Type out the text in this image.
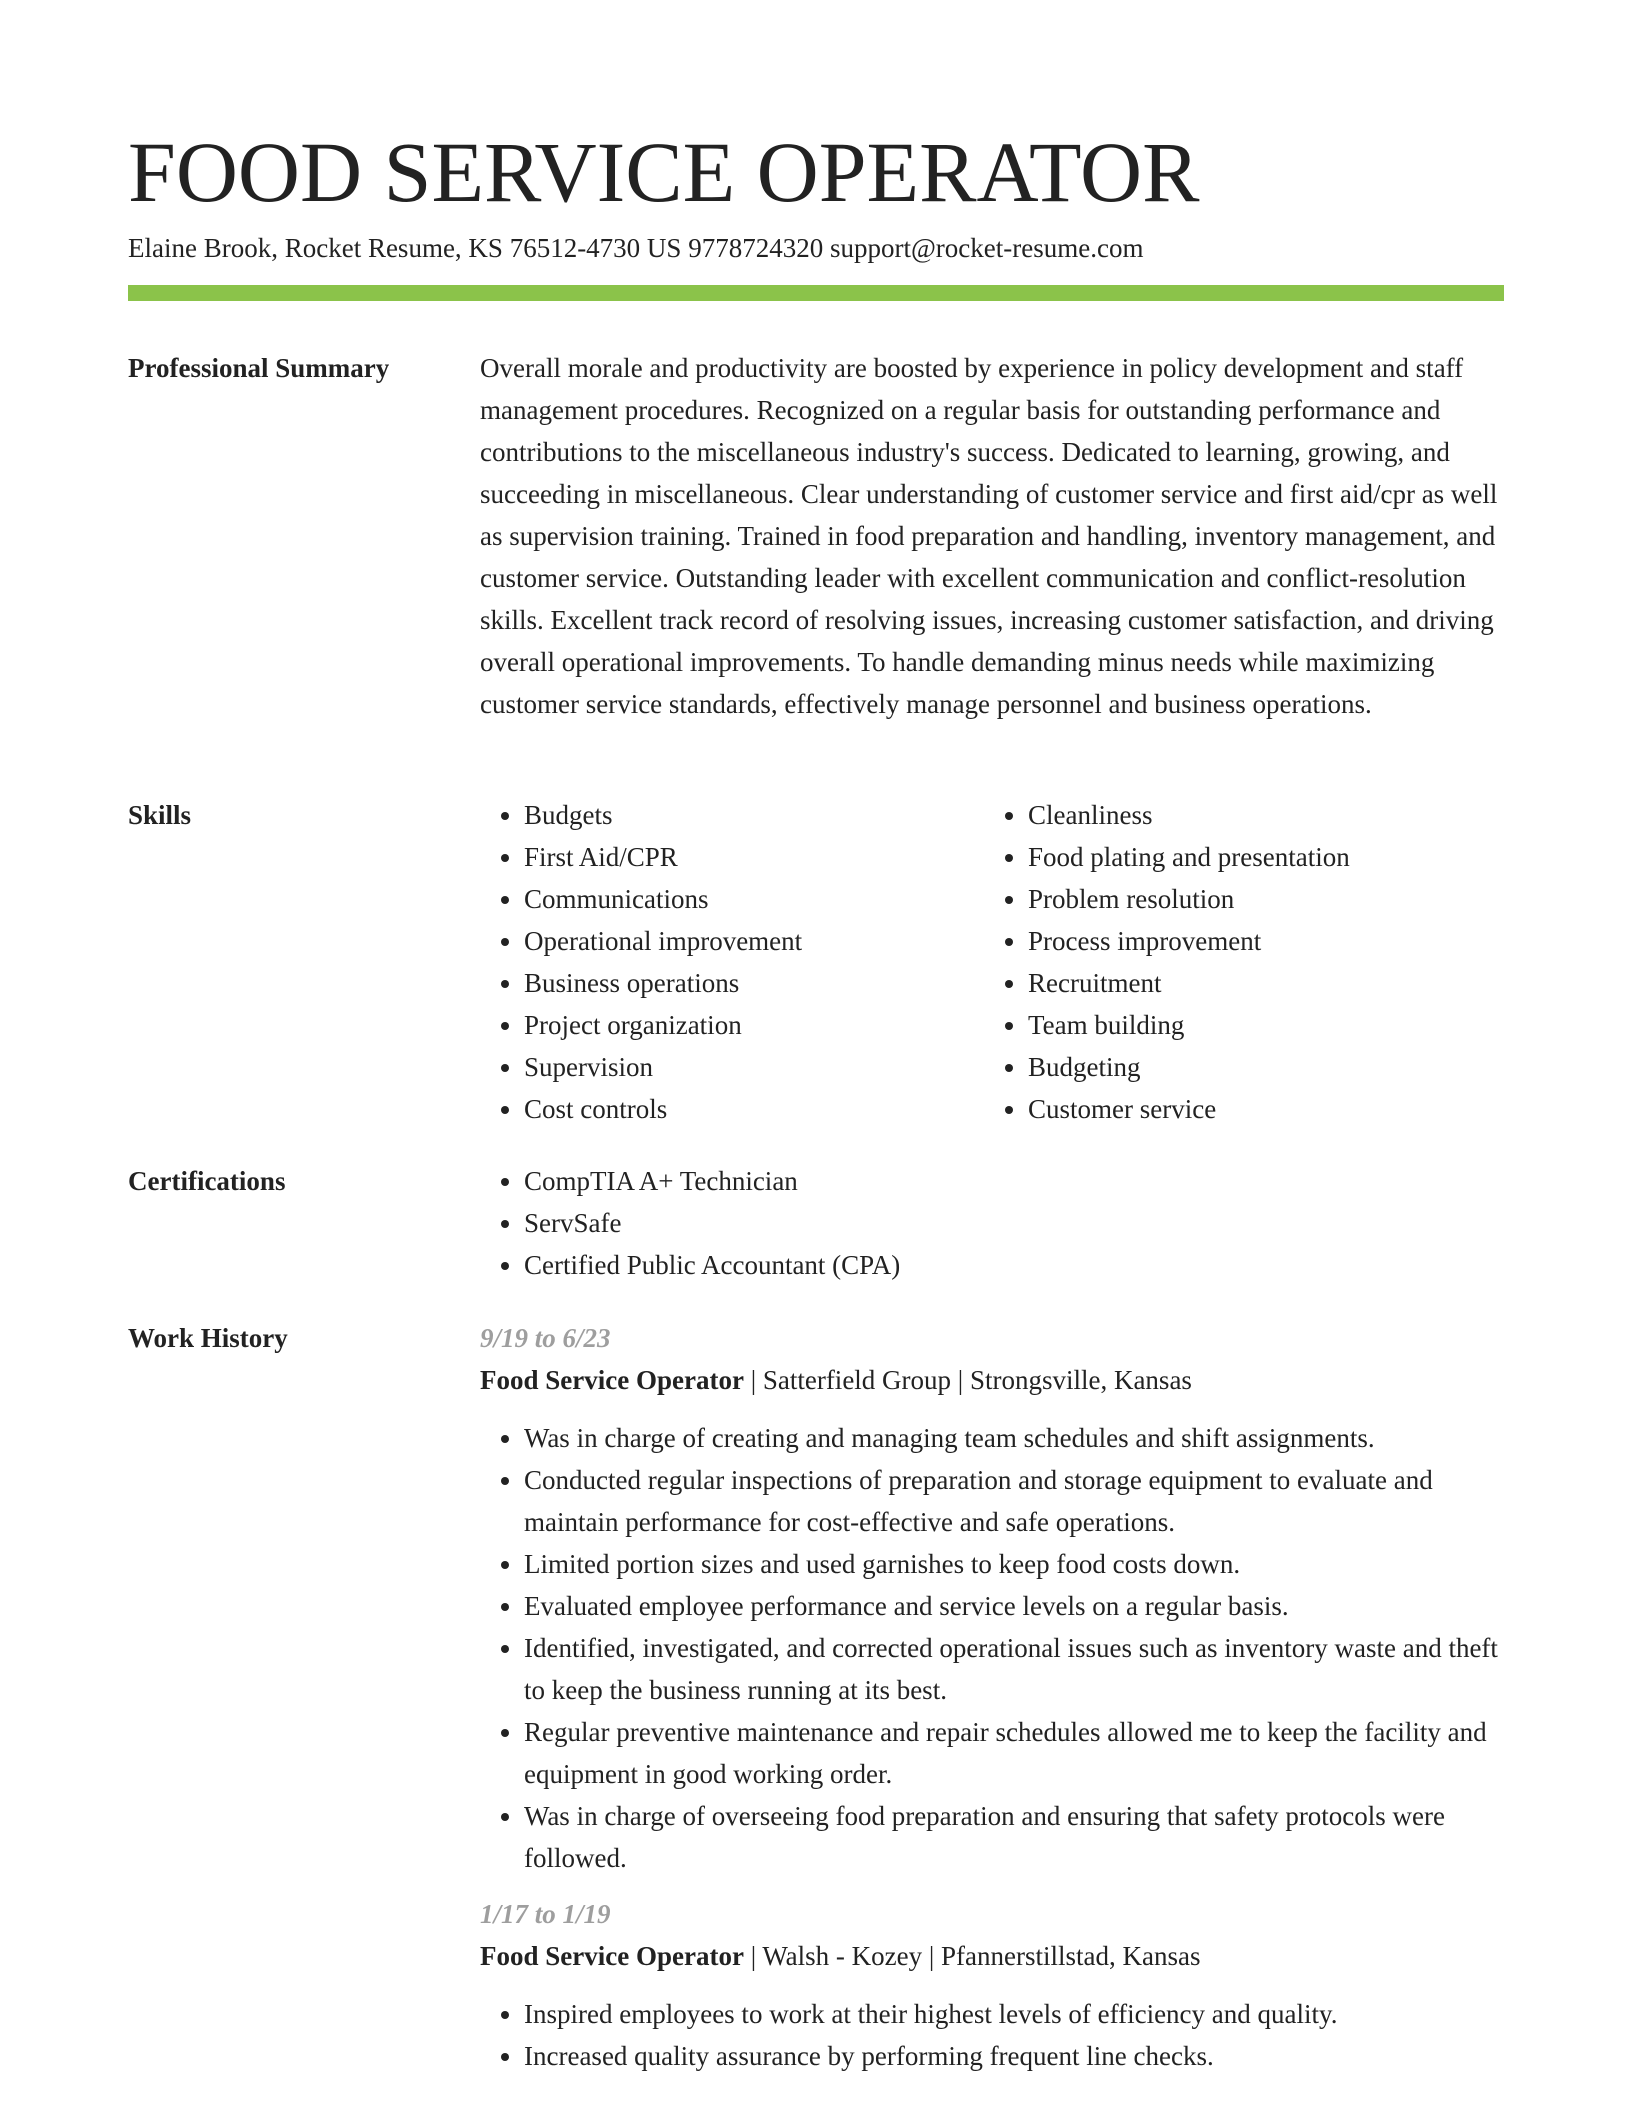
FOOD SERVICE OPERATOR
Elaine Brook, Rocket Resume, KS 76512-4730 US 9778724320 support@rocket-resume.com
Professional Summary	Overall morale and productivity are boosted by experience in policy development and staff management procedures. Recognized on a regular basis for outstanding performance and contributions to the miscellaneous industry's success. Dedicated to learning, growing, and succeeding in miscellaneous. Clear understanding of customer service and first aid/cpr as well as supervision training. Trained in food preparation and handling, inventory management, and customer service. Outstanding leader with excellent communication and conflict-resolution skills. Excellent track record of resolving issues, increasing customer satisfaction, and driving overall operational improvements. To handle demanding minus needs while maximizing customer service standards, effectively manage personnel and business operations.

Skills	• Budgets
• First Aid/CPR
• Communications
• Operational improvement
• Business operations
• Project organization
• Supervision
• Cost controls
• Cleanliness
• Food plating and presentation
• Problem resolution
• Process improvement
• Recruitment
• Team building
• Budgeting
• Customer service
Certifications	• CompTIA A+ Technician
• ServSafe
• Certified Public Accountant (CPA)
Work History	9/19 to 6/23
Food Service Operator | Satterfield Group | Strongsville, Kansas
• Was in charge of creating and managing team schedules and shift assignments.
• Conducted regular inspections of preparation and storage equipment to evaluate and maintain performance for cost-effective and safe operations.
• Limited portion sizes and used garnishes to keep food costs down.
• Evaluated employee performance and service levels on a regular basis.
• Identified, investigated, and corrected operational issues such as inventory waste and theft to keep the business running at its best.
• Regular preventive maintenance and repair schedules allowed me to keep the facility and equipment in good working order.
• Was in charge of overseeing food preparation and ensuring that safety protocols were followed.
1/17 to 1/19
Food Service Operator | Walsh - Kozey | Pfannerstillstad, Kansas
• Inspired employees to work at their highest levels of efficiency and quality.
• Increased quality assurance by performing frequent line checks.
